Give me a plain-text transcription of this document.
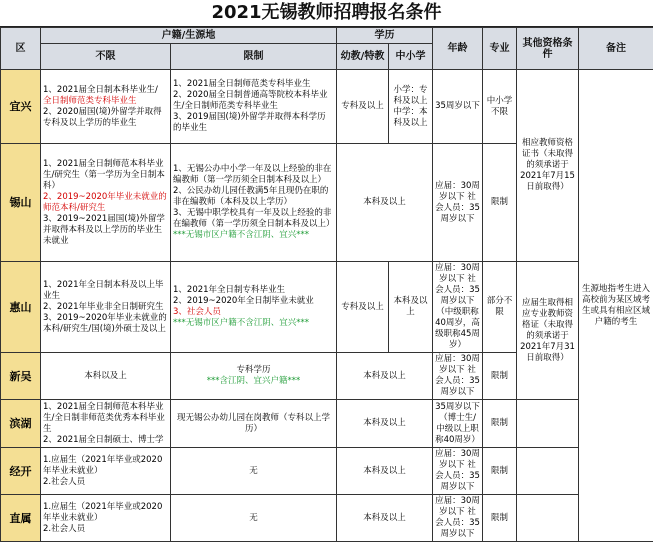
2021无锡教师招聘报名条件
区	户籍/生源地		学历		年龄	专业	其他资格条件	备注
	不限	限制	幼教/特教	中小学				
宜兴	1、2021届全日制本科毕业生/
全日制师范类专科毕业生
2、2020届国(境)外留学并取得
专科及以上学历的毕业生	1、2021届全日制师范类专科毕业生
2、2020届全日制普通高等院校本科毕业生/全日制师范类专科毕业生
3、2019届国(境)外留学并取得本科学历的毕业生	专科及以上	小学：专科及以上 中学：本科及以上	35周岁以下	中小学不限	相应教师资格证书（未取得的须承诺于2021年7月15日前取得）	生源地指考生进入高校前为某区域考生或具有相应区域户籍的考生
锡山	1、2021届全日制师范本科毕业生/研究生（第一学历为全日制本科）
2、2019~2020年毕业未就业的师范本科/研究生
3、2019~2021届国(境)外留学并取得本科及以上学历的毕业生未就业	1、无锡公办中小学一年及以上经验的非在编教师（第一学历须全日制本科及以上）
2、公民办幼儿园任教满5年且现仍在职的非在编教师（本科及以上学历）
3、无锡中职学校具有一年及以上经验的非在编教师（第一学历须全日制本科及以上）
***无锡市区户籍不含江阴、宜兴***	本科及以上		应届：30周岁以下 社会人员：35周岁以下	限制		
惠山	1、2021年全日制本科及以上毕业生
2、2021年毕业非全日制研究生
3、2019~2020年毕业未就业的本科/研究生/国(境)外硕士及以上	1、2021年全日制专科毕业生
2、2019~2020年全日制毕业未就业
3、社会人员
***无锡市区户籍不含江阴、宜兴***	专科及以上	本科及以上	应届：30周岁以下 社会人员：35周岁以下（中级职称40周岁，高级职称45周岁）	部分不限	应届生取得相应专业教师资格证（未取得的须承诺于2021年7月31日前取得）	
新吴	本科以及上	专科学历
***含江阴、宜兴户籍***	本科及以上		应届：30周岁以下 社会人员：35周岁以下	限制		
滨湖	1、2021届全日制师范本科毕业生/全日制非师范类优秀本科毕业生
2、2021届全日制硕士、博士学	现无锡公办幼儿园在岗教师（专科以上学历）	本科及以上		35周岁以下（博士生/中级以上职称40周岁）	限制		
经开	1.应届生（2021年毕业或2020年毕业未就业）
2.社会人员	无	本科及以上		应届：30周岁以下 社会人员：35周岁以下	限制		
直属	1.应届生（2021年毕业或2020年毕业未就业）
2.社会人员	无	本科及以上		应届：30周岁以下 社会人员：35周岁以下	限制		
